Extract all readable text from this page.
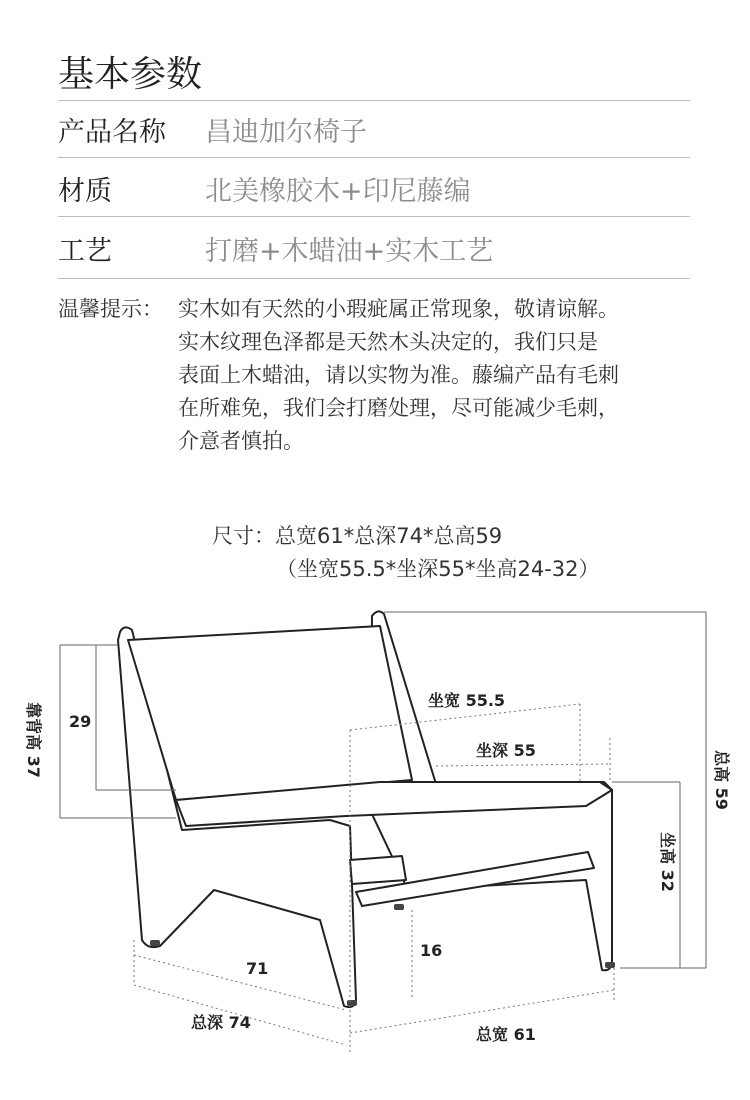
基本参数
产品名称 昌迪加尔椅子
材质	北美橡胶木+印尼藤编
工艺	打磨+木蜡油+实木工艺
温馨提示： 实木如有天然的小瑕疵属正常现象，敬请谅解。
实木纹理色泽都是天然木头决定的，我们只是
表面上木蜡油，请以实物为准。藤编产品有毛刺
在所难免，我们会打磨处理，尽可能减少毛刺，
介意者慎拍。
尺寸：总宽61*总深74*总高59
（坐宽55.5*坐深55*坐高24-32）
靠背高 37 29
坐宽 55.5
坐深 55	总高 59
坐高 32
16
71
总深 74
总宽 61
